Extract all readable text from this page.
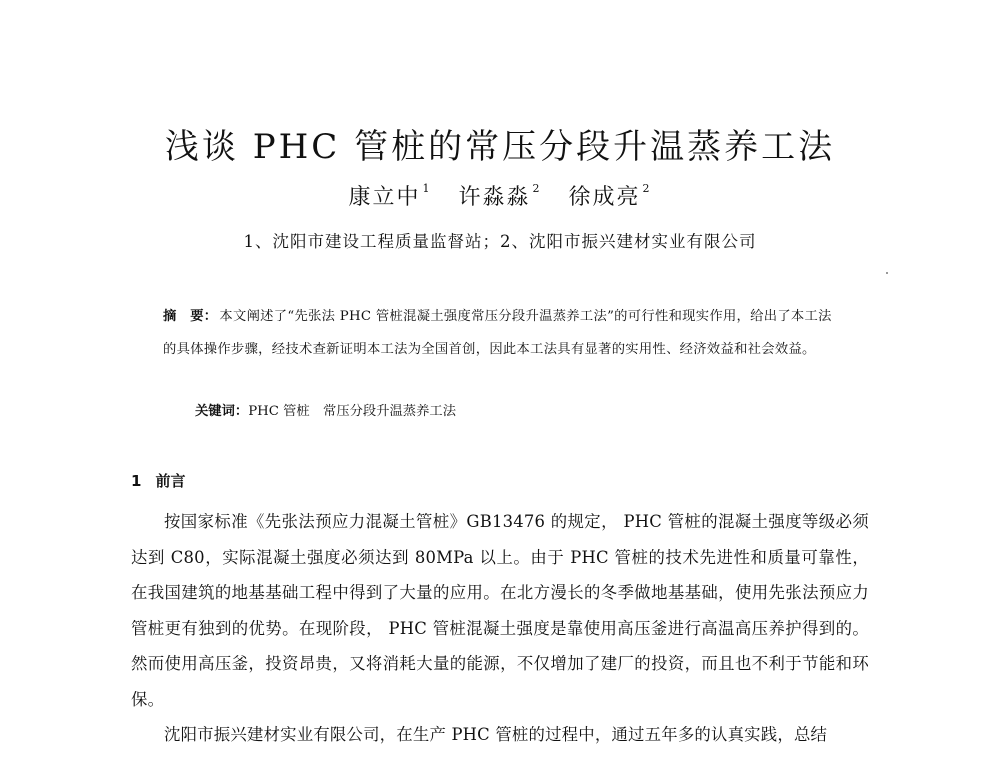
浅谈 PHC 管桩的常压分段升温蒸养工法
康立中 $^1$ 许淼淼 $^2$ 徐成亮 $^2$
1、沈阳市建设工程质量监督站；2、沈阳市振兴建材实业有限公司
摘　要： 本文阐述了“先张法 PHC 管桩混凝土强度常压分段升温蒸养工法”的可行性和现实作用，给出了本工法的具体操作步骤，经技术查新证明本工法为全国首创，因此本工法具有显著的实用性、经济效益和社会效益。
关键词：PHC 管桩　常压分段升温蒸养工法
1 前言

按国家标准《先张法预应力混凝土管桩》GB13476 的规定， PHC 管桩的混凝土强度等级必须达到 C80，实际混凝土强度必须达到 80MPa 以上。由于 PHC 管桩的技术先进性和质量可靠性，在我国建筑的地基基础工程中得到了大量的应用。在北方漫长的冬季做地基基础，使用先张法预应力管桩更有独到的优势。在现阶段， PHC 管桩混凝土强度是靠使用高压釜进行高温高压养护得到的。然而使用高压釜，投资昂贵，又将消耗大量的能源，不仅增加了建厂的投资，而且也不利于节能和环保。

沈阳市振兴建材实业有限公司，在生产 PHC 管桩的过程中，通过五年多的认真实践，总结
